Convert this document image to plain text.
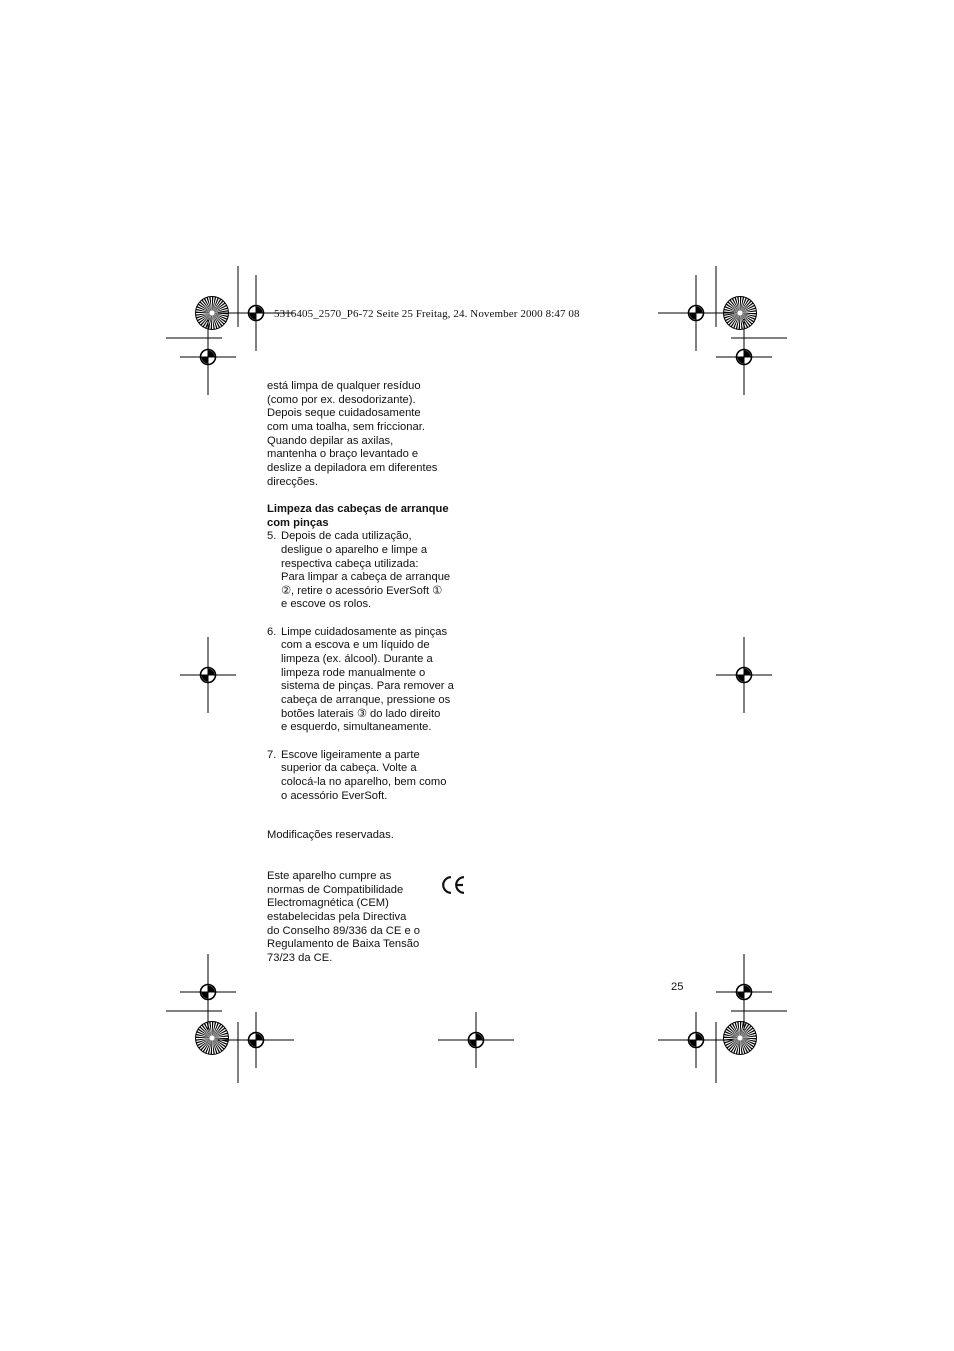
5316405_2570_P6-72 Seite 25 Freitag, 24. November 2000 8:47 08
está limpa de qualquer resíduo
(como por ex. desodorizante).
Depois seque cuidadosamente
com uma toalha, sem friccionar.
Quando depilar as axilas,
mantenha o braço levantado e
deslize a depiladora em diferentes
direcções.
Limpeza das cabeças de arranque
com pinças
5. Depois de cada utilização,
desligue o aparelho e limpe a
respectiva cabeça utilizada:
Para limpar a cabeça de arranque
②, retire o acessório EverSoft ①
e escove os rolos.
6. Limpe cuidadosamente as pinças
com a escova e um líquido de
limpeza (ex. álcool). Durante a
limpeza rode manualmente o
sistema de pinças. Para remover a
cabeça de arranque, pressione os
botões laterais ③ do lado direito
e esquerdo, simultaneamente.
7. Escove ligeiramente a parte
superior da cabeça. Volte a
colocá-la no aparelho, bem como
o acessório EverSoft.
Modificações reservadas.
Este aparelho cumpre as
normas de Compatibilidade
Electromagnética (CEM)
estabelecidas pela Directiva
do Conselho 89/336 da CE e o
Regulamento de Baixa Tensão
73/23 da CE.
25
